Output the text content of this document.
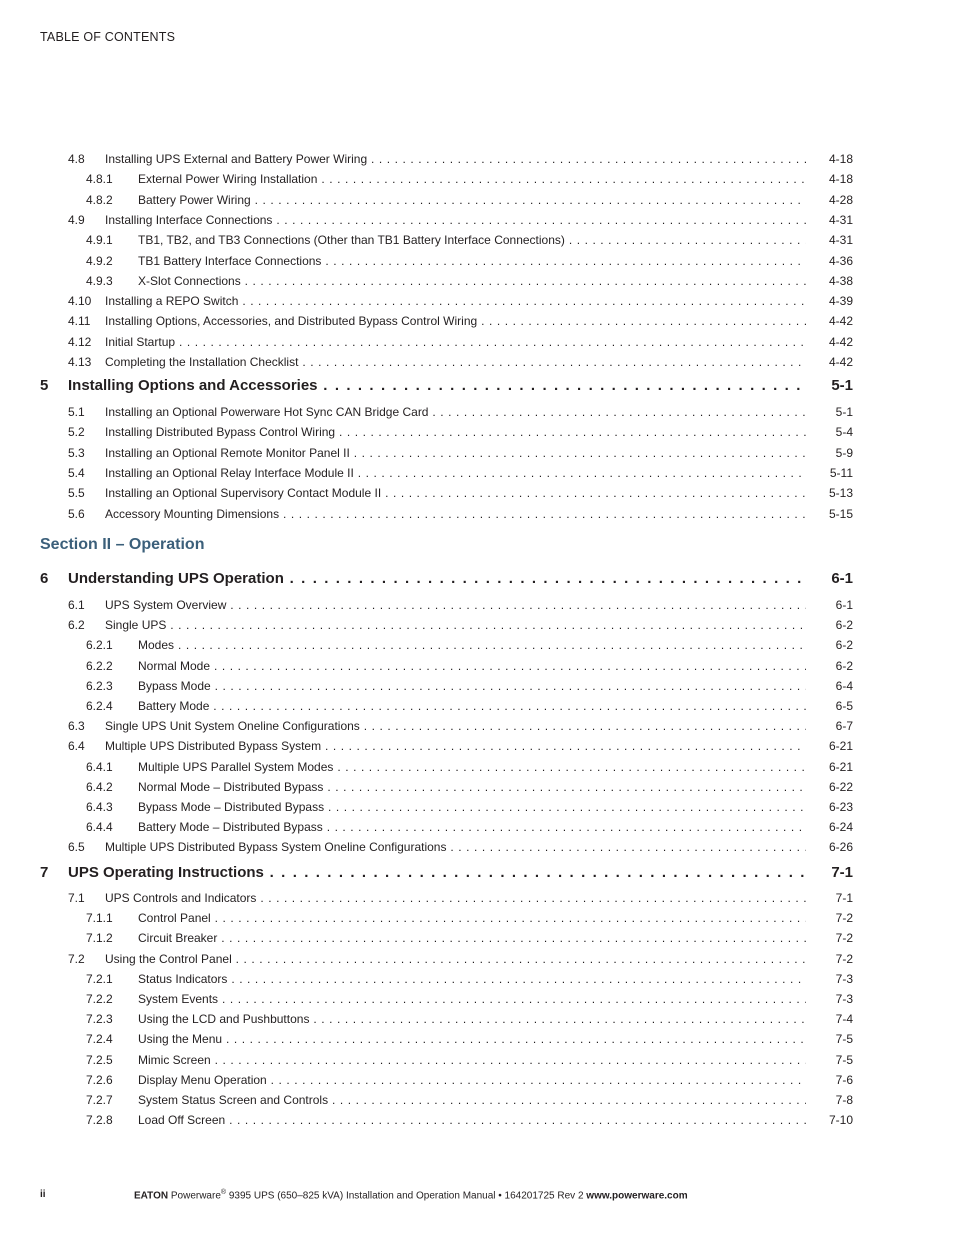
TABLE OF CONTENTS
4.8 Installing UPS External and Battery Power Wiring . . .	4-18
4.8.1 External Power Wiring Installation . . .	4-18
4.8.2 Battery Power Wiring . . .	4-28
4.9 Installing Interface Connections . . .	4-31
4.9.1 TB1, TB2, and TB3 Connections (Other than TB1 Battery Interface Connections) . . .	4-31
4.9.2 TB1 Battery Interface Connections . . .	4-36
4.9.3 X-Slot Connections . . .	4-38
4.10 Installing a REPO Switch . . .	4-39
4.11 Installing Options, Accessories, and Distributed Bypass Control Wiring . . .	4-42
4.12 Initial Startup . . .	4-42
4.13 Completing the Installation Checklist . . .	4-42
5 Installing Options and Accessories . . .	5-1
5.1 Installing an Optional Powerware Hot Sync CAN Bridge Card . . .	5-1
5.2 Installing Distributed Bypass Control Wiring . . .	5-4
5.3 Installing an Optional Remote Monitor Panel II . . .	5-9
5.4 Installing an Optional Relay Interface Module II . . .	5-11
5.5 Installing an Optional Supervisory Contact Module II . . .	5-13
5.6 Accessory Mounting Dimensions . . .	5-15
Section II – Operation
6 Understanding UPS Operation . . .	6-1
6.1 UPS System Overview . . .	6-1
6.2 Single UPS . . .	6-2
6.2.1 Modes . . .	6-2
6.2.2 Normal Mode . . .	6-2
6.2.3 Bypass Mode . . .	6-4
6.2.4 Battery Mode . . .	6-5
6.3 Single UPS Unit System Oneline Configurations . . .	6-7
6.4 Multiple UPS Distributed Bypass System . . .	6-21
6.4.1 Multiple UPS Parallel System Modes . . .	6-21
6.4.2 Normal Mode – Distributed Bypass . . .	6-22
6.4.3 Bypass Mode – Distributed Bypass . . .	6-23
6.4.4 Battery Mode – Distributed Bypass . . .	6-24
6.5 Multiple UPS Distributed Bypass System Oneline Configurations . . .	6-26
7 UPS Operating Instructions . . .	7-1
7.1 UPS Controls and Indicators . . .	7-1
7.1.1 Control Panel . . .	7-2
7.1.2 Circuit Breaker . . .	7-2
7.2 Using the Control Panel . . .	7-2
7.2.1 Status Indicators . . .	7-3
7.2.2 System Events . . .	7-3
7.2.3 Using the LCD and Pushbuttons . . .	7-4
7.2.4 Using the Menu . . .	7-5
7.2.5 Mimic Screen . . .	7-5
7.2.6 Display Menu Operation . . .	7-6
7.2.7 System Status Screen and Controls . . .	7-8
7.2.8 Load Off Screen . . .	7-10
ii	EATON Powerware® 9395 UPS (650–825 kVA) Installation and Operation Manual • 164201725 Rev 2 www.powerware.com
